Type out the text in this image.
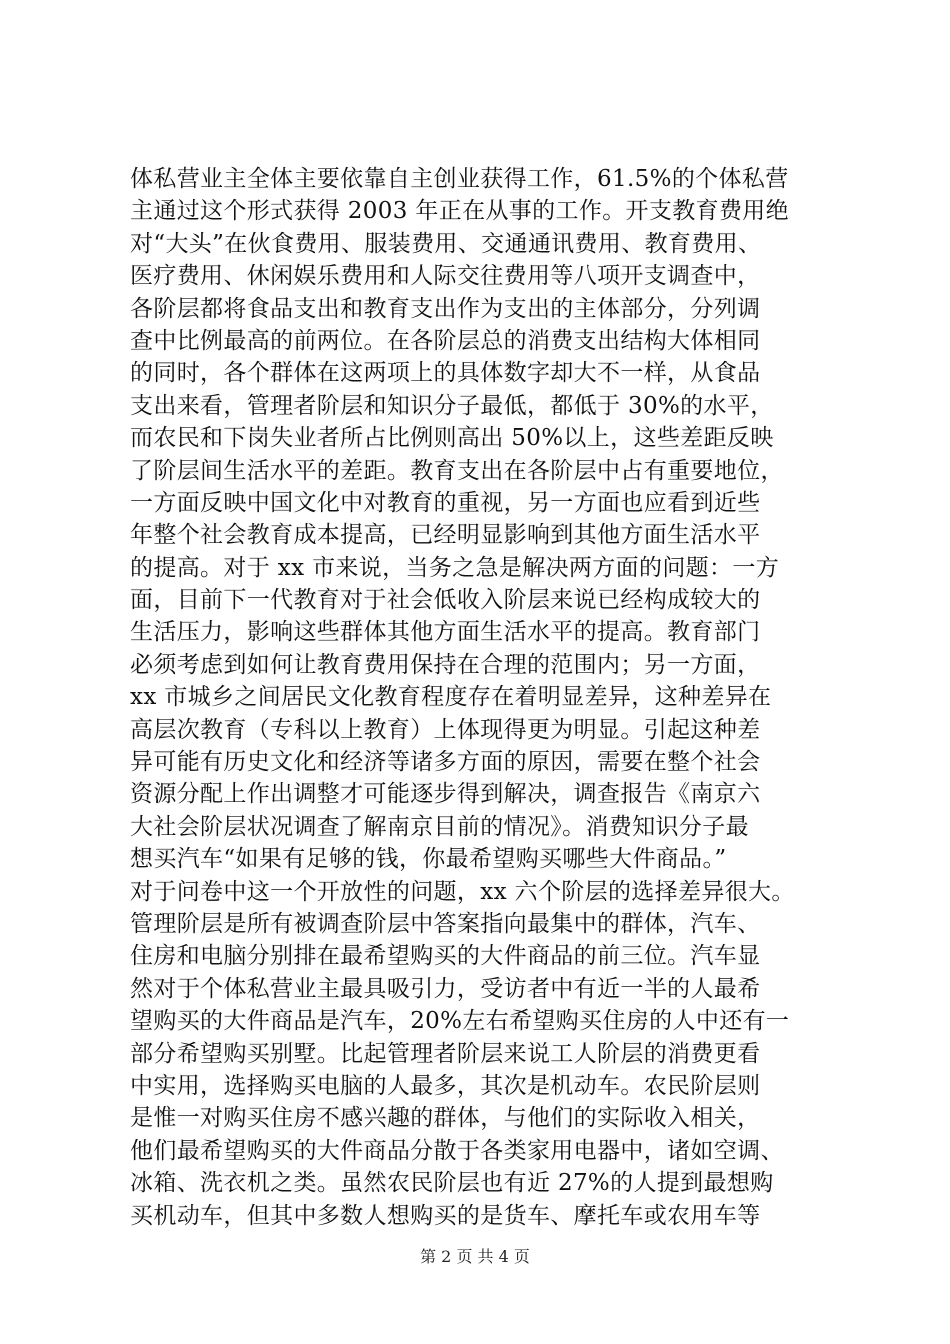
体私营业主全体主要依靠自主创业获得工作，61.5%的个体私营
主通过这个形式获得 2003 年正在从事的工作。开支教育费用绝
对“大头”在伙食费用、服装费用、交通通讯费用、教育费用、
医疗费用、休闲娱乐费用和人际交往费用等八项开支调查中，
各阶层都将食品支出和教育支出作为支出的主体部分，分列调
查中比例最高的前两位。在各阶层总的消费支出结构大体相同
的同时，各个群体在这两项上的具体数字却大不一样，从食品
支出来看，管理者阶层和知识分子最低，都低于 30%的水平，
而农民和下岗失业者所占比例则高出 50%以上，这些差距反映
了阶层间生活水平的差距。教育支出在各阶层中占有重要地位，
一方面反映中国文化中对教育的重视，另一方面也应看到近些
年整个社会教育成本提高，已经明显影响到其他方面生活水平
的提高。对于 xx 市来说，当务之急是解决两方面的问题：一方
面，目前下一代教育对于社会低收入阶层来说已经构成较大的
生活压力，影响这些群体其他方面生活水平的提高。教育部门
必须考虑到如何让教育费用保持在合理的范围内；另一方面，
xx 市城乡之间居民文化教育程度存在着明显差异，这种差异在
高层次教育（专科以上教育）上体现得更为明显。引起这种差
异可能有历史文化和经济等诸多方面的原因，需要在整个社会
资源分配上作出调整才可能逐步得到解决，调查报告《南京六
大社会阶层状况调查了解南京目前的情况》。消费知识分子最
想买汽车“如果有足够的钱，你最希望购买哪些大件商品。”
对于问卷中这一个开放性的问题，xx 六个阶层的选择差异很大。
管理阶层是所有被调查阶层中答案指向最集中的群体，汽车、
住房和电脑分别排在最希望购买的大件商品的前三位。汽车显
然对于个体私营业主最具吸引力，受访者中有近一半的人最希
望购买的大件商品是汽车，20%左右希望购买住房的人中还有一
部分希望购买别墅。比起管理者阶层来说工人阶层的消费更看
中实用，选择购买电脑的人最多，其次是机动车。农民阶层则
是惟一对购买住房不感兴趣的群体，与他们的实际收入相关，
他们最希望购买的大件商品分散于各类家用电器中，诸如空调、
冰箱、洗衣机之类。虽然农民阶层也有近 27%的人提到最想购
买机动车，但其中多数人想购买的是货车、摩托车或农用车等
第 2 页 共 4 页
